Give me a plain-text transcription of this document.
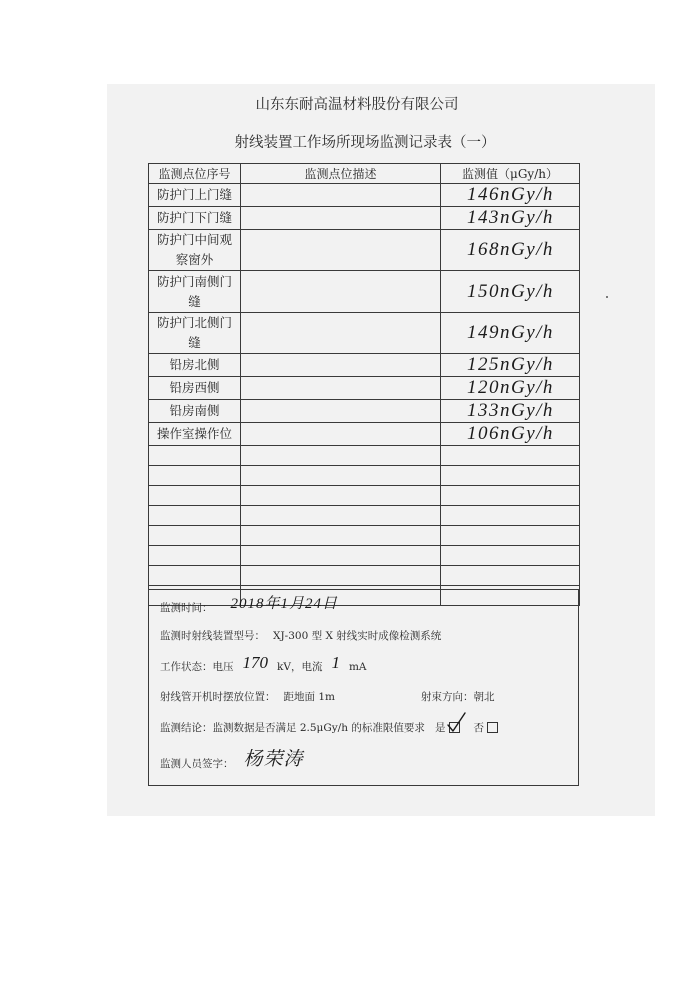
山东东耐高温材料股份有限公司
射线装置工作场所现场监测记录表（一）
监测点位序号	监测点位描述	监测值（μGy/h）
防护门上门缝		146nGy/h
防护门下门缝		143nGy/h
防护门中间观察窗外		168nGy/h
防护门南侧门缝		150nGy/h
防护门北侧门缝		149nGy/h
铅房北侧		125nGy/h
铅房西侧		120nGy/h
铅房南侧		133nGy/h
操作室操作位		106nGy/h

监测时间： 2018年1月24日
监测时射线装置型号： XJ-300 型 X 射线实时成像检测系统
工作状态：电压 170 kV，电流 1 mA
射线管开机时摆放位置： 距地面 1m	射束方向：朝北
监测结论：监测数据是否满足 2.5μGy/h 的标准限值要求 是	否
监测人员签字： 杨荣涛
